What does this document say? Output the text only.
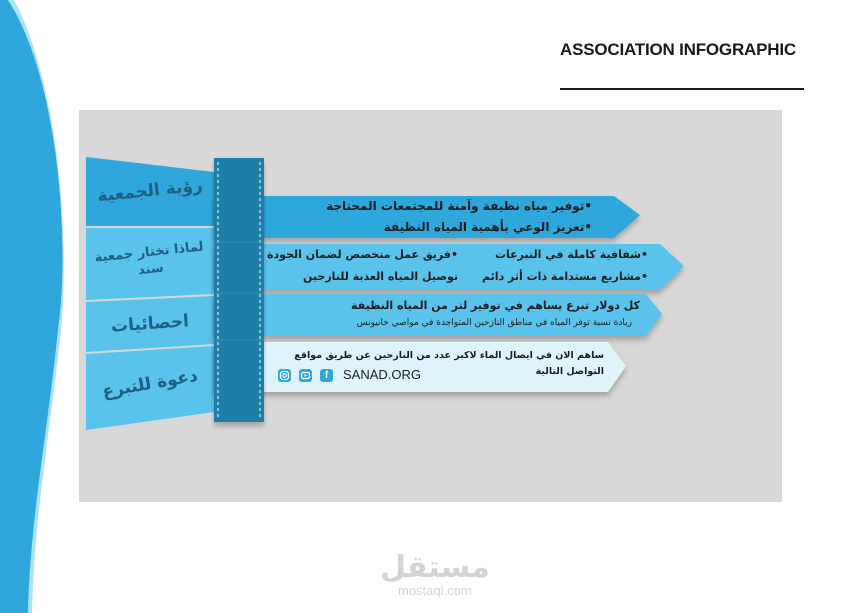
ASSOCIATION INFOGRAPHIC
رؤية الجمعية
لماذا تختار جمعية
سند
احصائيات
دعوة للتبرع
•توفير مياه نظيفة وآمنة للمجتمعات المحتاجة
•تعزيز الوعي بأهمية المياه النظيفة
•شفافية كاملة في التبرعات
•فريق عمل متخصص لضمان الجودة
•مشاريع مستدامة ذات أثر دائم
توصيل المياه العذبة للنازحين
كل دولار تبرع يساهم في توفير لتر من المياه النظيفة
زيادة نسبة توفر المياه في مناطق النازحين المتواجدة في مواصي خانيونس
ساهم الان في ايصال الماء لاكبر عدد من النازحين عن طريق مواقع
التواصل التالية
SANAD.ORG
f
مستقل
mostaql.com
